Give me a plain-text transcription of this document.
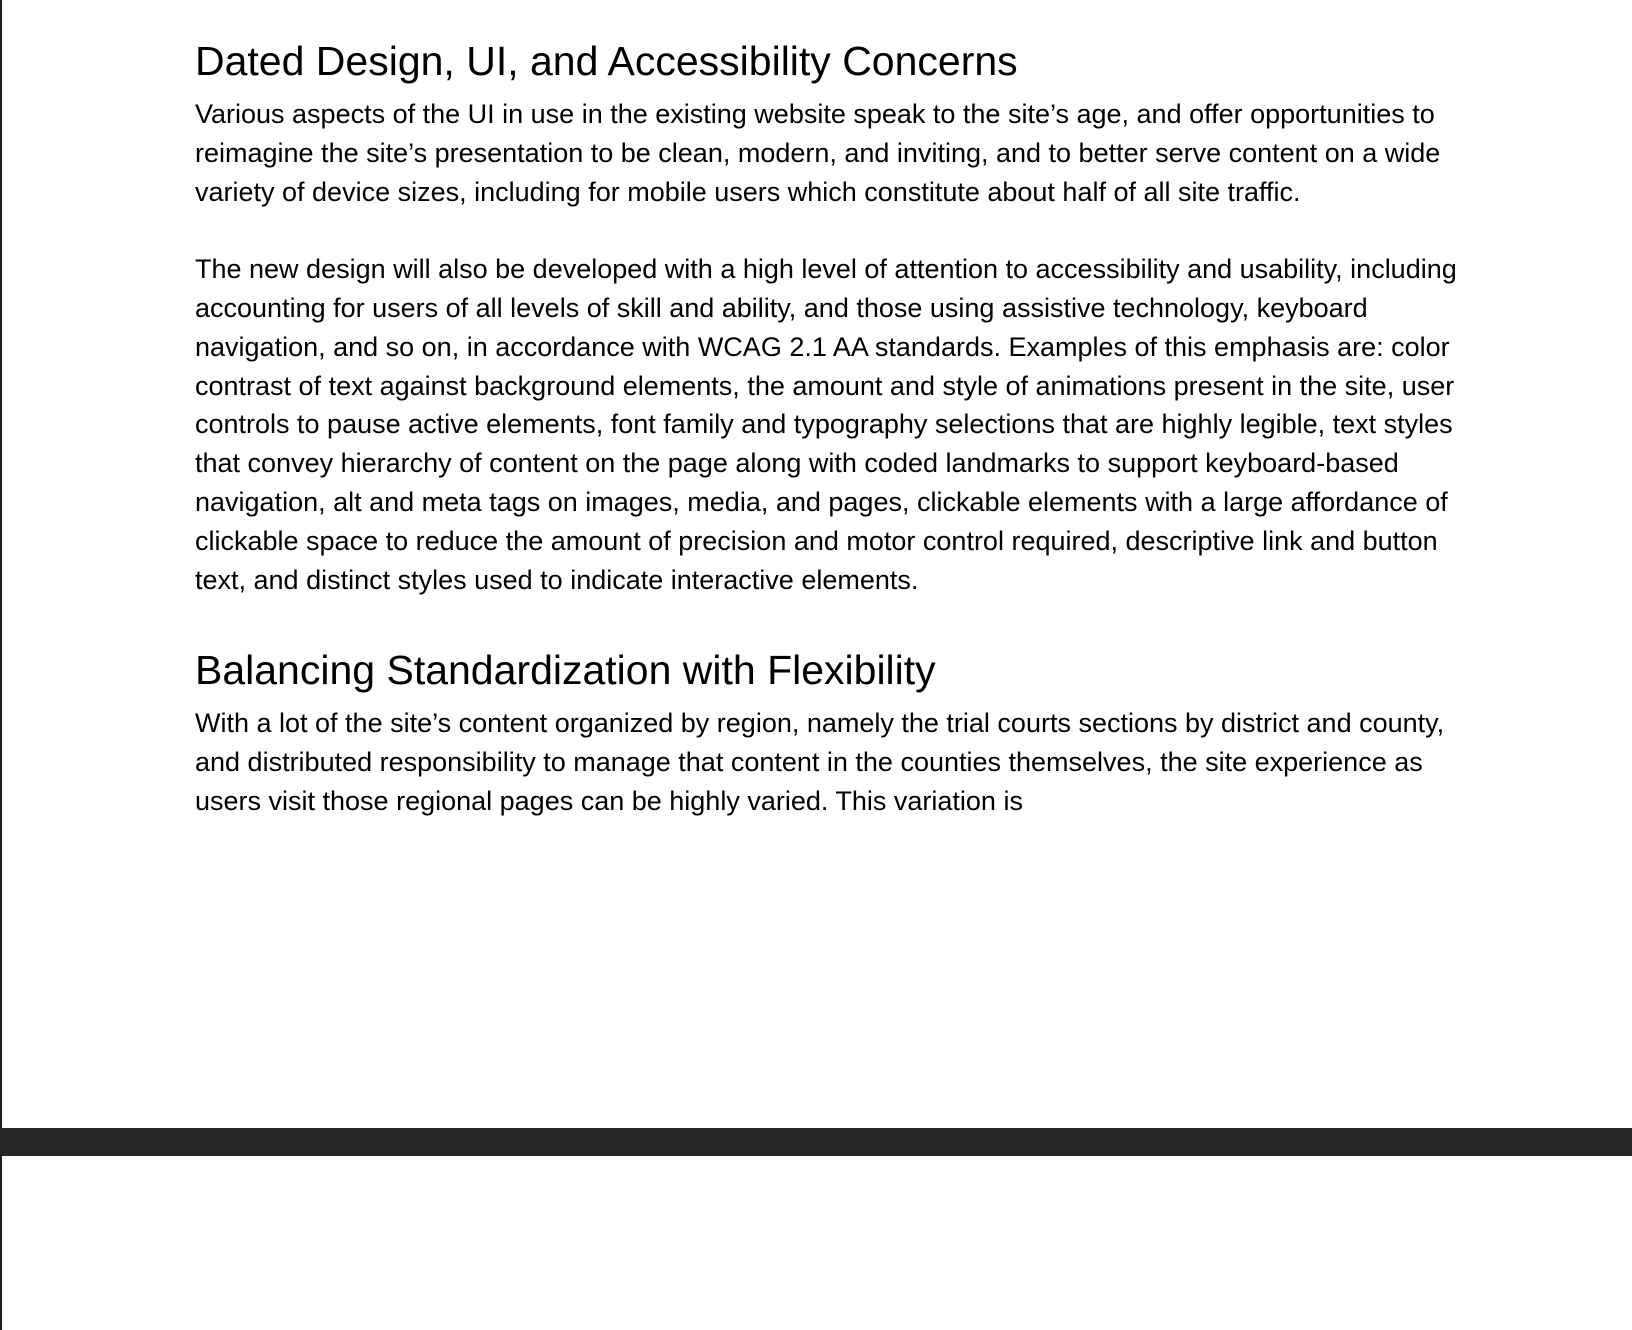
Dated Design, UI, and Accessibility Concerns

Various aspects of the UI in use in the existing website speak to the site’s age, and offer opportunities to reimagine the site’s presentation to be clean, modern, and inviting, and to better serve content on a wide variety of device sizes, including for mobile users which constitute about half of all site traffic.

The new design will also be developed with a high level of attention to accessibility and usability, including accounting for users of all levels of skill and ability, and those using assistive technology, keyboard navigation, and so on, in accordance with WCAG 2.1 AA standards. Examples of this emphasis are: color contrast of text against background elements, the amount and style of animations present in the site, user controls to pause active elements, font family and typography selections that are highly legible, text styles that convey hierarchy of content on the page along with coded landmarks to support keyboard-based navigation, alt and meta tags on images, media, and pages, clickable elements with a large affordance of clickable space to reduce the amount of precision and motor control required, descriptive link and button text, and distinct styles used to indicate interactive elements.

Balancing Standardization with Flexibility

With a lot of the site’s content organized by region, namely the trial courts sections by district and county, and distributed responsibility to manage that content in the counties themselves, the site experience as users visit those regional pages can be highly varied. This variation is
